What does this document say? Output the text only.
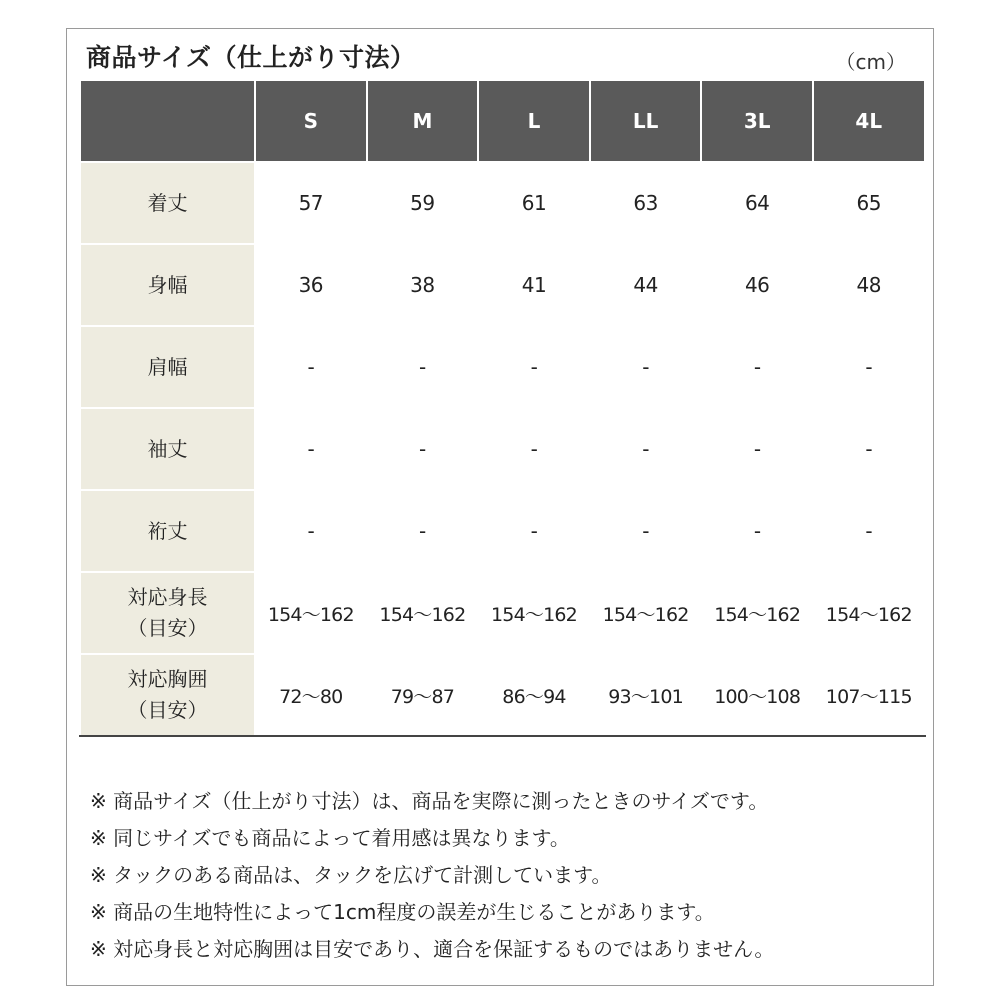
商品サイズ（仕上がり寸法）	（cm）
	S	M	L	LL	3L	4L

着丈	57	59	61	63	64	65

身幅	36	38	41	44	46	48

肩幅	-	-	-	-	-	-

袖丈	-	-	-	-	-	-

裄丈	-	-	-	-	-	-

対応身長
（目安）	154～162	154～162	154～162	154～162	154～162	154～162

対応胸囲
（目安）	72～80	79～87	86～94	93～101	100～108	107～115
※ 商品サイズ（仕上がり寸法）は、商品を実際に測ったときのサイズです。
※ 同じサイズでも商品によって着用感は異なります。
※ タックのある商品は、タックを広げて計測しています。
※ 商品の生地特性によって1cm程度の誤差が生じることがあります。
※ 対応身長と対応胸囲は目安であり、適合を保証するものではありません。
